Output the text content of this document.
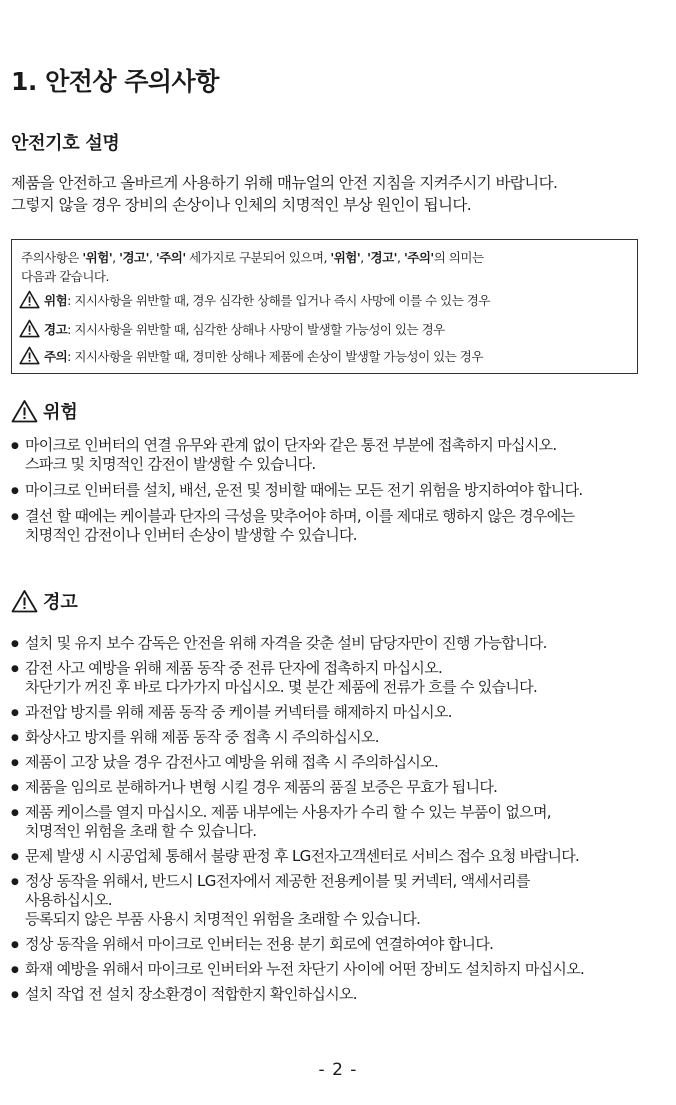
1. 안전상 주의사항
안전기호 설명
제품을 안전하고 올바르게 사용하기 위해 매뉴얼의 안전 지침을 지켜주시기 바랍니다.
그렇지 않을 경우 장비의 손상이나 인체의 치명적인 부상 원인이 됩니다.
주의사항은 '위험', '경고', '주의' 세가지로 구분되어 있으며, '위험', '경고', '주의'의 의미는
다음과 같습니다.
위험 : 지시사항을 위반할 때, 경우 심각한 상해를 입거나 즉시 사망에 이를 수 있는 경우
경고 : 지시사항을 위반할 때, 심각한 상해나 사망이 발생할 가능성이 있는 경우
주의 : 지시사항을 위반할 때, 경미한 상해나 제품에 손상이 발생할 가능성이 있는 경우
위험
● 마이크로 인버터의 연결 유무와 관계 없이 단자와 같은 통전 부분에 접촉하지 마십시오.
스파크 및 치명적인 감전이 발생할 수 있습니다.
● 마이크로 인버터를 설치, 배선, 운전 및 정비할 때에는 모든 전기 위험을 방지하여야 합니다.
● 결선 할 때에는 케이블과 단자의 극성을 맞추어야 하며, 이를 제대로 행하지 않은 경우에는
치명적인 감전이나 인버터 손상이 발생할 수 있습니다.
경고
● 설치 및 유지 보수 감독은 안전을 위해 자격을 갖춘 설비 담당자만이 진행 가능합니다.
● 감전 사고 예방을 위해 제품 동작 중 전류 단자에 접촉하지 마십시오.
차단기가 꺼진 후 바로 다가가지 마십시오. 몇 분간 제품에 전류가 흐를 수 있습니다.
● 과전압 방지를 위해 제품 동작 중 케이블 커넥터를 해제하지 마십시오.
● 화상사고 방지를 위해 제품 동작 중 접촉 시 주의하십시오.
● 제품이 고장 났을 경우 감전사고 예방을 위해 접촉 시 주의하십시오.
● 제품을 임의로 분해하거나 변형 시킬 경우 제품의 품질 보증은 무효가 됩니다.
● 제품 케이스를 열지 마십시오. 제품 내부에는 사용자가 수리 할 수 있는 부품이 없으며,
치명적인 위험을 초래 할 수 있습니다.
● 문제 발생 시 시공업체 통해서 불량 판정 후 LG전자고객센터로 서비스 접수 요청 바랍니다.
● 정상 동작을 위해서, 반드시 LG전자에서 제공한 전용케이블 및 커넥터, 액세서리를
사용하십시오.
등록되지 않은 부품 사용시 치명적인 위험을 초래할 수 있습니다.
● 정상 동작을 위해서 마이크로 인버터는 전용 분기 회로에 연결하여야 합니다.
● 화재 예방을 위해서 마이크로 인버터와 누전 차단기 사이에 어떤 장비도 설치하지 마십시오.
● 설치 작업 전 설치 장소환경이 적합한지 확인하십시오.
- 2 -
